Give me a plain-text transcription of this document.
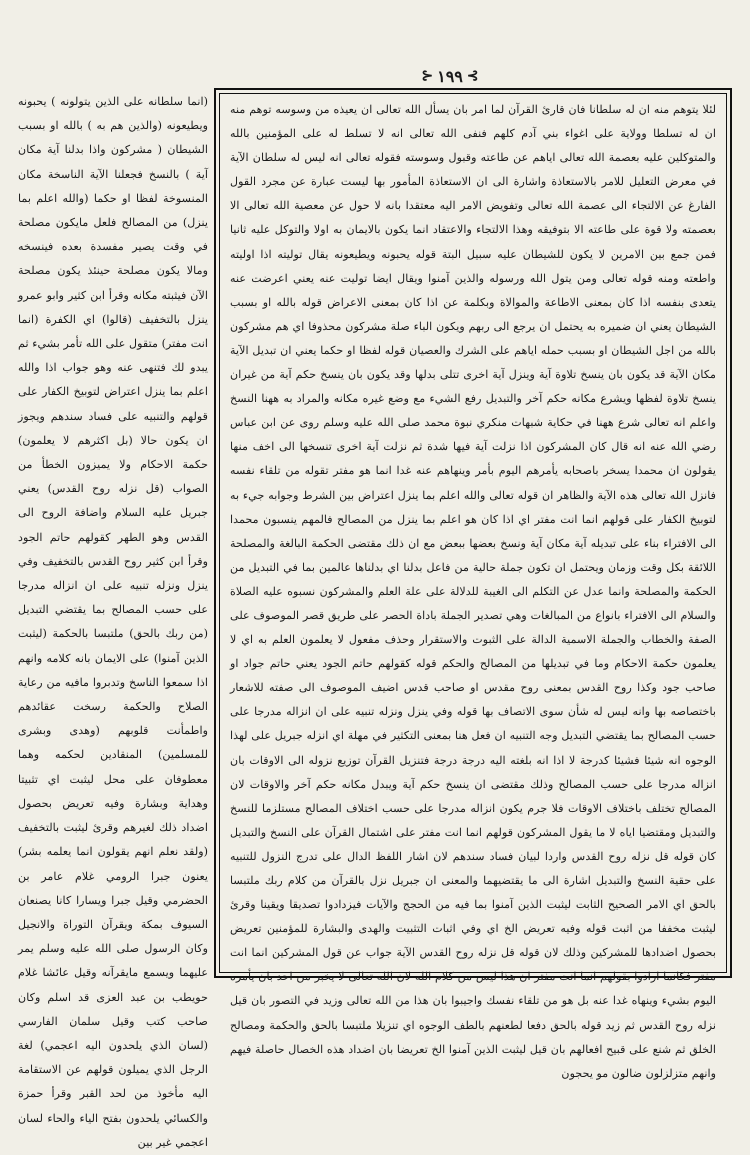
⊱ ١٩٩ ⊰

(انما سلطانه على الذين يتولونه ) يحبونه ويطيعونه (والذين هم به ) بالله او بسبب الشيطان ( مشركون واذا بدلنا آية مكان آية ) بالنسخ فجعلنا الآية الناسخة مكان المنسوخة لفظا او حكما (والله اعلم بما ينزل) من المصالح فلعل مايكون مصلحة في وقت يصير مفسدة بعده فينسخه ومالا يكون مصلحة حينئذ يكون مصلحة الآن فيثبته مكانه وقرأ ابن كثير وابو عمرو ينزل بالتخفيف (قالوا) اي الكفرة (انما انت مفتر) متقول على الله تأمر بشيء ثم يبدو لك فتنهى عنه وهو جواب اذا والله اعلم بما ينزل اعتراض لتوبيخ الكفار على قولهم والتنبيه على فساد سندهم ويجوز ان يكون حالا (بل اكثرهم لا يعلمون) حكمة الاحكام ولا يميزون الخطأ من الصواب (قل نزله روح القدس) يعني جبريل عليه السلام واضافة الروح الى القدس وهو الطهر كقولهم حاتم الجود وقرأ ابن كثير روح القدس بالتخفيف وفي ينزل ونزله تنبيه على ان انزاله مدرجا على حسب المصالح بما يقتضي التبديل (من ربك بالحق) ملتبسا بالحكمة (ليثبت الذين آمنوا) على الايمان بانه كلامه وانهم اذا سمعوا الناسخ وتدبروا مافيه من رعاية الصلاح والحكمة رسخت عقائدهم واطمأنت قلوبهم (وهدى وبشرى للمسلمين) المنقادين لحكمه وهما معطوفان على محل ليثبت اي تثبيتا وهداية وبشارة وفيه تعريض بحصول اضداد ذلك لغيرهم وقرئ ليثبت بالتخفيف (ولقد نعلم انهم يقولون انما يعلمه بشر) يعنون جبرا الرومي غلام عامر بن الحضرمي وقيل جبرا ويسارا كانا يصنعان السيوف بمكة ويقرآن التوراة والانجيل وكان الرسول صلى الله عليه وسلم يمر عليهما ويسمع مايقرآنه وقيل عائشا غلام حويطب بن عبد العزى قد اسلم وكان صاحب كتب وقيل سلمان الفارسي (لسان الذي يلحدون اليه اعجمي) لغة الرجل الذي يميلون قولهم عن الاستقامة اليه مأخوذ من لحد القبر وقرأ حمزة والكسائي يلحدون بفتح الياء والحاء لسان اعجمي غير بين

لئلا يتوهم منه ان له سلطانا فان قارئ القرآن لما امر بان يسأل الله تعالى ان يعيذه من وسوسه توهم منه ان له تسلطا وولاية على اغواء بني آدم كلهم فنفى الله تعالى انه لا تسلط له على المؤمنين بالله والمتوكلين عليه بعصمة الله تعالى اياهم عن طاعته وقبول وسوسته فقوله تعالى انه ليس له سلطان الآية في معرض التعليل للامر بالاستعاذة واشارة الى ان الاستعاذة المأمور بها ليست عبارة عن مجرد القول الفارغ عن الالتجاء الى عصمة الله تعالى وتفويض الامر اليه معتقدا بانه لا حول عن معصية الله تعالى الا بعصمته ولا قوة على طاعته الا بتوفيقه وهذا الالتجاء والاعتقاد انما يكون بالايمان به اولا والتوكل عليه ثانيا فمن جمع بين الامرين لا يكون للشيطان عليه سبيل البتة قوله يحبونه ويطيعونه يقال توليته اذا اوليته واطعته ومنه قوله تعالى ومن يتول الله ورسوله والذين آمنوا ويقال ايضا توليت عنه يعني اعرضت عنه يتعدى بنفسه اذا كان بمعنى الاطاعة والموالاة وبكلمة عن اذا كان بمعنى الاعراض قوله بالله او بسبب الشيطان يعني ان ضميره به يحتمل ان يرجع الى ربهم ويكون الباء صلة مشركون محذوفا اي هم مشركون بالله من اجل الشيطان او بسبب حمله اياهم على الشرك والعصيان قوله لفظا او حكما يعني ان تبديل الآية مكان الآية قد يكون بان ينسخ تلاوة آية وينزل آية اخرى تتلى بدلها وقد يكون بان ينسخ حكم آية من غيران ينسخ تلاوة لفظها ويشرع مكانه حكم آخر والتبديل رفع الشيء مع وضع غيره مكانه والمراد به ههنا النسخ واعلم انه تعالى شرع ههنا في حكاية شبهات منكري نبوة محمد صلى الله عليه وسلم روى عن ابن عباس رضي الله عنه انه قال كان المشركون اذا نزلت آية فيها شدة ثم نزلت آية اخرى تنسخها الى اخف منها يقولون ان محمدا يسخر باصحابه يأمرهم اليوم بأمر وينهاهم عنه غدا انما هو مفتر تقوله من تلقاء نفسه فانزل الله تعالى هذه الآية والظاهر ان قوله تعالى والله اعلم بما ينزل اعتراض بين الشرط وجوابه جيء به لتوبيخ الكفار على قولهم انما انت مفتر اي اذا كان هو اعلم بما ينزل من المصالح فالمهم ينسبون محمدا الى الافتراء بناء على تبديله آية مكان آية ونسخ بعضها ببعض مع ان ذلك مقتضى الحكمة البالغة والمصلحة اللائقة بكل وقت وزمان ويحتمل ان تكون جملة حالية من فاعل بدلنا اي بدلناها عالمين بما في التبديل من الحكمة والمصلحة وانما عدل عن التكلم الى الغيبة للدلالة على علة العلم والمشركون نسبوه عليه الصلاة والسلام الى الافتراء بانواع من المبالغات وهي تصدير الجملة باداة الحصر على طريق قصر الموصوف على الصفة والخطاب والجملة الاسمية الدالة على الثبوت والاستقرار وحذف مفعول لا يعلمون العلم به اي لا يعلمون حكمة الاحكام وما في تبديلها من المصالح والحكم قوله كقولهم حاتم الجود يعني حاتم جواد او صاحب جود وكذا روح القدس بمعنى روح مقدس او صاحب قدس اضيف الموصوف الى صفته للاشعار باختصاصه بها وانه ليس له شأن سوى الاتصاف بها قوله وفي ينزل ونزله تنبيه على ان انزاله مدرجا على حسب المصالح بما يقتضي التبديل وجه التنبيه ان فعل هنا بمعنى التكثير في مهلة اي انزله جبريل على لهذا الوجوه انه شيئا فشيئا كدرجة لا اذا انه بلغته اليه درجة درجة فتنزيل القرآن توزيع نزوله الى الاوقات بان انزاله مدرجا على حسب المصالح وذلك مقتضى ان ينسخ حكم آية ويبدل مكانه حكم آخر والاوقات لان المصالح تختلف باختلاف الاوقات فلا جرم يكون انزاله مدرجا على حسب اختلاف المصالح مستلزما للنسخ والتبديل ومقتضيا اياه لا ما يقول المشركون قولهم انما انت مفتر على اشتمال القرآن على النسخ والتبديل كان قوله قل نزله روح القدس واردا لبيان فساد سندهم لان اشار اللفظ الدال على تدرج النزول للتنبيه على حقية النسخ والتبديل اشارة الى ما يقتضيهما والمعنى ان جبريل نزل بالقرآن من كلام ربك ملتبسا بالحق اي الامر الصحيح الثابت ليثبت الذين آمنوا بما فيه من الحجج والآيات فيزدادوا تصديقا ويقينا وقرئ ليثبت مخففا من اثبت قوله وفيه تعريض الخ اي وفي اثبات التثبيت والهدى والبشارة للمؤمنين تعريض بحصول اضدادها للمشركين وذلك لان قوله قل نزله روح القدس الآية جواب عن قول المشركين انما انت مفتر فكانما ارادوا بقولهم انما انت مفتر ان هذا ليس من كلام الله لان الله تعالى لا يخبر من احد بان يأمره اليوم بشيء وينهاه غدا عنه بل هو من تلقاء نفسك واجيبوا بان هذا من الله تعالى وزيد في التصور بان قيل نزله روح القدس ثم زيد قوله بالحق دفعا لطعنهم بالطف الوجوه اي تنزيلا ملتبسا بالحق والحكمة ومصالح الخلق ثم شنع على قبيح افعالهم بان قيل ليثبت الذين آمنوا الخ تعريضا بان اضداد هذه الخصال حاصلة فيهم وانهم متزلزلون ضالون مو يحجون
